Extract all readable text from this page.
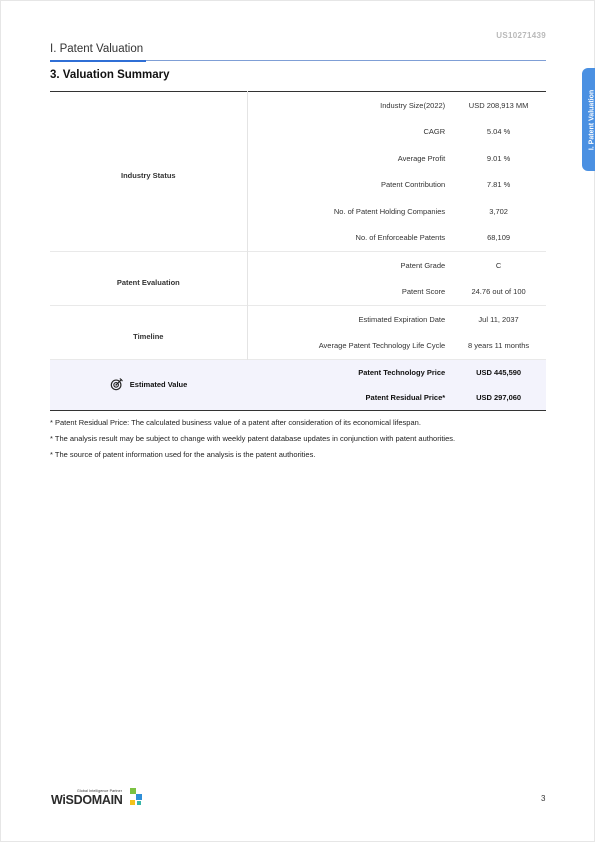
US10271439
I. Patent Valuation
I. Patent Valuation
3. Valuation Summary
Industry Status	Industry Size(2022)	USD 208,913 MM
	CAGR	5.04 %
	Average Profit	9.01 %
	Patent Contribution	7.81 %
	No. of Patent Holding Companies	3,702
	No. of Enforceable Patents	68,109
Patent Evaluation	Patent Grade	C
	Patent Score	24.76 out of 100
Timeline	Estimated Expiration Date	Jul 11, 2037
	Average Patent Technology Life Cycle	8 years 11 months

Estimated Value	Patent Technology Price	USD 445,590
	Patent Residual Price*	USD 297,060

* Patent Residual Price: The calculated business value of a patent after consideration of its economical lifespan.

* The analysis result may be subject to change with weekly patent database updates in conjunction with patent authorities.

* The source of patent information used for the analysis is the patent authorities.

Global Intelligence Partner
WiSDOMAIN	3
